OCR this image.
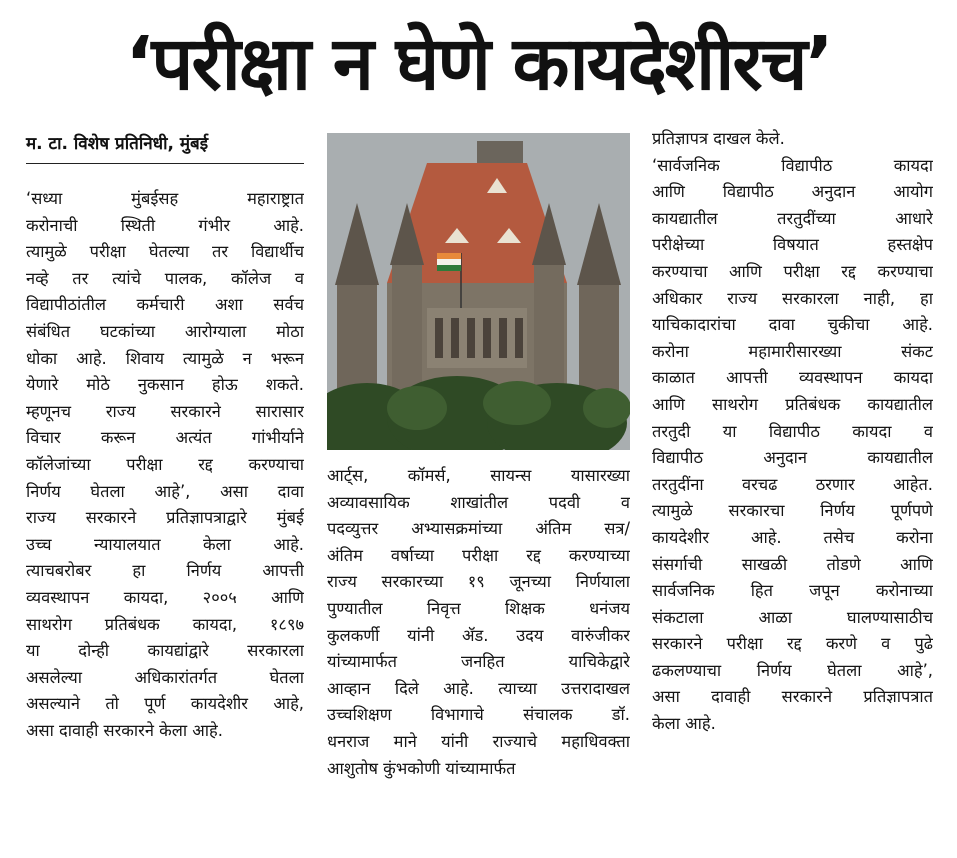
‘परीक्षा न घेणे कायदेशीरच’
म. टा. विशेष प्रतिनिधी, मुंबई
‘सध्या मुंबईसह महाराष्ट्रात
करोनाची स्थिती गंभीर आहे.
त्यामुळे परीक्षा घेतल्या तर विद्यार्थीच
नव्हे तर त्यांचे पालक, कॉलेज व
विद्यापीठांतील कर्मचारी अशा सर्वच
संबंधित घटकांच्या आरोग्याला मोठा
धोका आहे. शिवाय त्यामुळे न भरून
येणारे मोठे नुकसान होऊ शकते.
म्हणूनच राज्य सरकारने सारासार
विचार करून अत्यंत गांभीर्याने
कॉलेजांच्या परीक्षा रद्द करण्याचा
निर्णय घेतला आहे’, असा दावा
राज्य सरकारने प्रतिज्ञापत्राद्वारे मुंबई
उच्च न्यायालयात केला आहे.
त्याचबरोबर हा निर्णय आपत्ती
व्यवस्थापन कायदा, २००५ आणि
साथरोग प्रतिबंधक कायदा, १८९७
या दोन्ही कायद्यांद्वारे सरकारला
असलेल्या अधिकारांतर्गत घेतला
असल्याने तो पूर्ण कायदेशीर आहे,
असा दावाही सरकारने केला आहे.
आर्ट्स, कॉमर्स, सायन्स यासारख्या
अव्यावसायिक शाखांतील पदवी व
पदव्युत्तर अभ्यासक्रमांच्या अंतिम सत्र/
अंतिम वर्षाच्या परीक्षा रद्द करण्याच्या
राज्य सरकारच्या १९ जूनच्या निर्णयाला
पुण्यातील निवृत्त शिक्षक धनंजय
कुलकर्णी यांनी ॲड. उदय वारुंजीकर
यांच्यामार्फत जनहित याचिकेद्वारे
आव्हान दिले आहे. त्याच्या उत्तरादाखल
उच्चशिक्षण विभागाचे संचालक डॉ.
धनराज माने यांनी राज्याचे महाधिवक्ता
आशुतोष कुंभकोणी यांच्यामार्फत
प्रतिज्ञापत्र दाखल केले.
‘सार्वजनिक विद्यापीठ कायदा
आणि विद्यापीठ अनुदान आयोग
कायद्यातील तरतुदींच्या आधारे
परीक्षेच्या विषयात हस्तक्षेप
करण्याचा आणि परीक्षा रद्द करण्याचा
अधिकार राज्य सरकारला नाही, हा
याचिकादारांचा दावा चुकीचा आहे.
करोना महामारीसारख्या संकट
काळात आपत्ती व्यवस्थापन कायदा
आणि साथरोग प्रतिबंधक कायद्यातील
तरतुदी या विद्यापीठ कायदा व
विद्यापीठ अनुदान कायद्यातील
तरतुदींना वरचढ ठरणार आहेत.
त्यामुळे सरकारचा निर्णय पूर्णपणे
कायदेशीर आहे. तसेच करोना
संसर्गाची साखळी तोडणे आणि
सार्वजनिक हित जपून करोनाच्या
संकटाला आळा घालण्यासाठीच
सरकारने परीक्षा रद्द करणे व पुढे
ढकलण्याचा निर्णय घेतला आहे’,
असा दावाही सरकारने प्रतिज्ञापत्रात
केला आहे.
